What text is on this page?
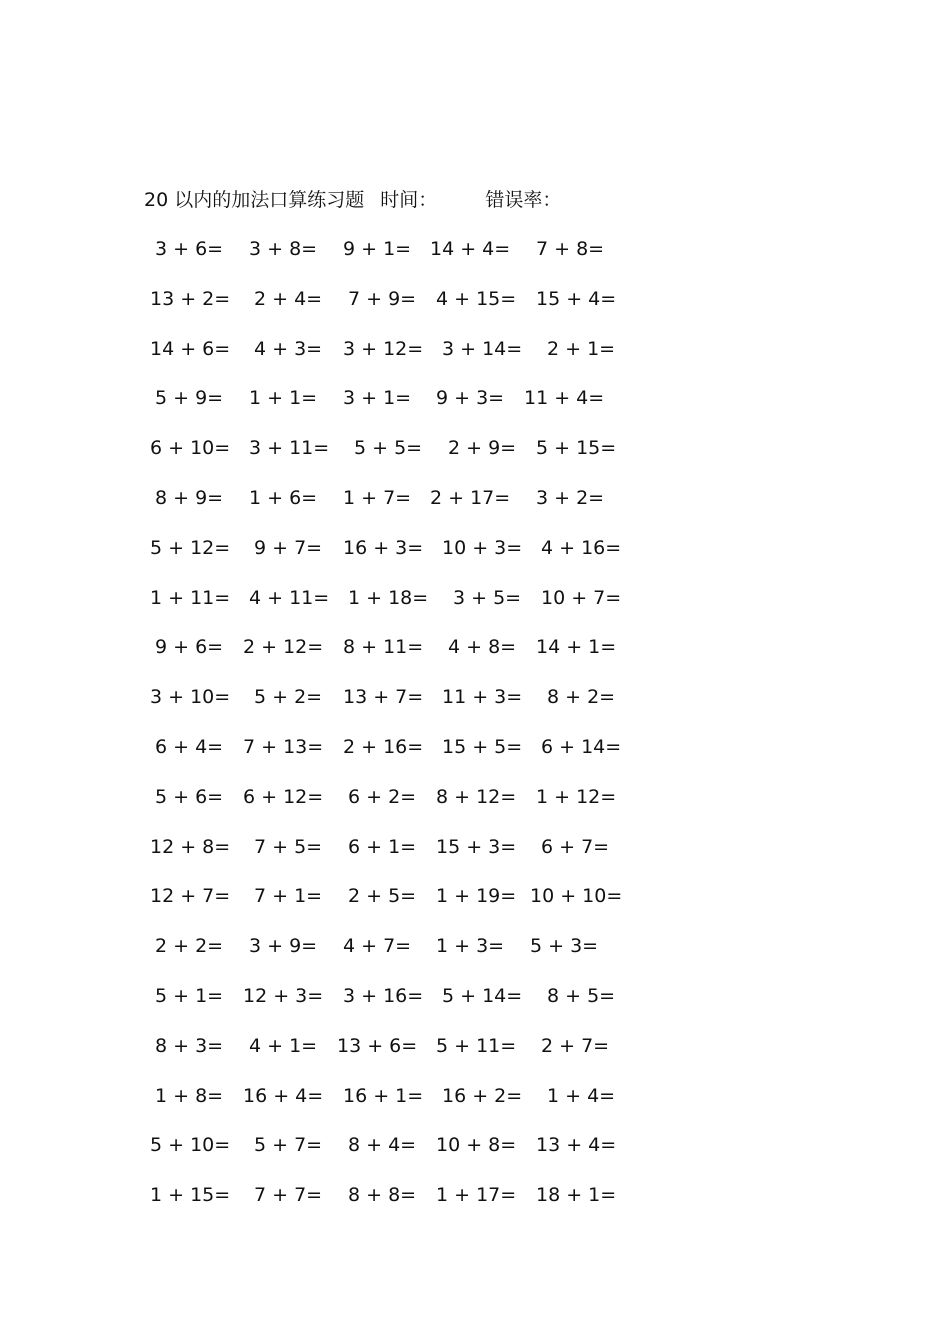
20 以内的加法口算练习题 时间：	错误率：
3 + 6= 3 + 8= 9 + 1= 14 + 4= 7 + 8=
13 + 2= 2 + 4= 7 + 9= 4 + 15= 15 + 4=
14 + 6= 4 + 3= 3 + 12= 3 + 14= 2 + 1=
5 + 9= 1 + 1= 3 + 1= 9 + 3= 11 + 4=
6 + 10= 3 + 11= 5 + 5= 2 + 9= 5 + 15=
8 + 9= 1 + 6= 1 + 7= 2 + 17= 3 + 2=
5 + 12= 9 + 7= 16 + 3= 10 + 3= 4 + 16=
1 + 11= 4 + 11= 1 + 18= 3 + 5= 10 + 7=
9 + 6= 2 + 12= 8 + 11= 4 + 8= 14 + 1=
3 + 10= 5 + 2= 13 + 7= 11 + 3= 8 + 2=
6 + 4= 7 + 13= 2 + 16= 15 + 5= 6 + 14=
5 + 6= 6 + 12= 6 + 2= 8 + 12= 1 + 12=
12 + 8= 7 + 5= 6 + 1= 15 + 3= 6 + 7=
12 + 7= 7 + 1= 2 + 5= 1 + 19= 10 + 10=
2 + 2= 3 + 9= 4 + 7= 1 + 3= 5 + 3=
5 + 1= 12 + 3= 3 + 16= 5 + 14= 8 + 5=
8 + 3= 4 + 1= 13 + 6= 5 + 11= 2 + 7=
1 + 8= 16 + 4= 16 + 1= 16 + 2= 1 + 4=
5 + 10= 5 + 7= 8 + 4= 10 + 8= 13 + 4=
1 + 15= 7 + 7= 8 + 8= 1 + 17= 18 + 1=
